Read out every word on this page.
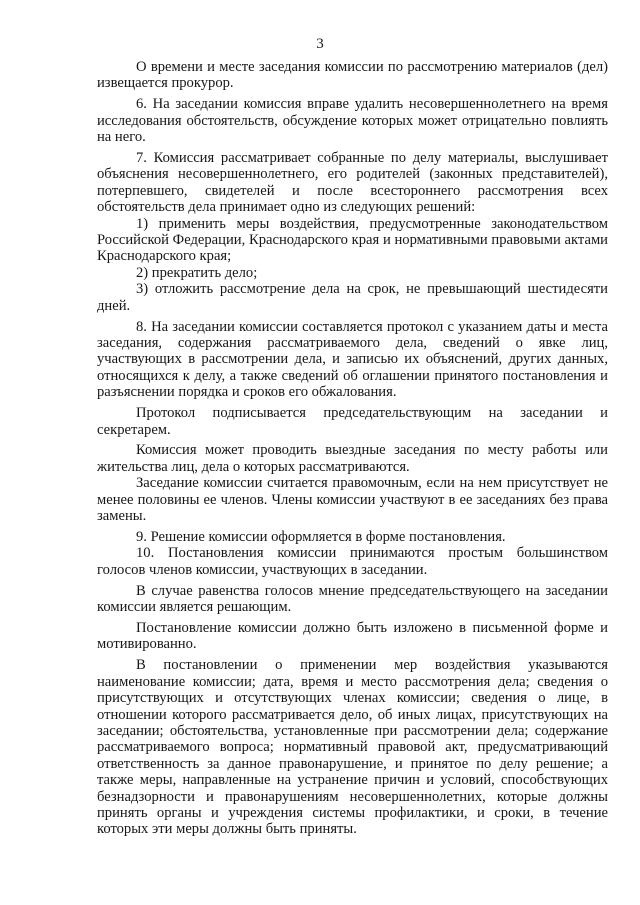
3

О времени и месте заседания комиссии по рассмотрению материалов (дел) извещается прокурор.

6. На заседании комиссия вправе удалить несовершеннолетнего на время исследования обстоятельств, обсуждение которых может отрицательно повлиять на него.

7. Комиссия рассматривает собранные по делу материалы, выслушивает объяснения несовершеннолетнего, его родителей (законных представителей), потерпевшего, свидетелей и после всестороннего рассмотрения всех обстоятельств дела принимает одно из следующих решений:

1) применить меры воздействия, предусмотренные законодательством Российской Федерации, Краснодарского края и нормативными правовыми актами Краснодарского края;

2) прекратить дело;

3) отложить рассмотрение дела на срок, не превышающий шестидесяти дней.

8. На заседании комиссии составляется протокол с указанием даты и места заседания, содержания рассматриваемого дела, сведений о явке лиц, участвующих в рассмотрении дела, и записью их объяснений, других данных, относящихся к делу, а также сведений об оглашении принятого постановления и разъяснении порядка и сроков его обжалования.

Протокол подписывается председательствующим на заседании и секретарем.

Комиссия может проводить выездные заседания по месту работы или жительства лиц, дела о которых рассматриваются.

Заседание комиссии считается правомочным, если на нем присутствует не менее половины ее членов. Члены комиссии участвуют в ее заседаниях без права замены.

9. Решение комиссии оформляется в форме постановления.

10. Постановления комиссии принимаются простым большинством голосов членов комиссии, участвующих в заседании.

В случае равенства голосов мнение председательствующего на заседании комиссии является решающим.

Постановление комиссии должно быть изложено в письменной форме и мотивированно.

В постановлении о применении мер воздействия указываются наименование комиссии; дата, время и место рассмотрения дела; сведения о присутствующих и отсутствующих членах комиссии; сведения о лице, в отношении которого рассматривается дело, об иных лицах, присутствующих на заседании; обстоятельства, установленные при рассмотрении дела; содержание рассматриваемого вопроса; нормативный правовой акт, предусматривающий ответственность за данное правонарушение, и принятое по делу решение; а также меры, направленные на устранение причин и условий, способствующих безнадзорности и правонарушениям несовершеннолетних, которые должны принять органы и учреждения системы профилактики, и сроки, в течение которых эти меры должны быть приняты.
